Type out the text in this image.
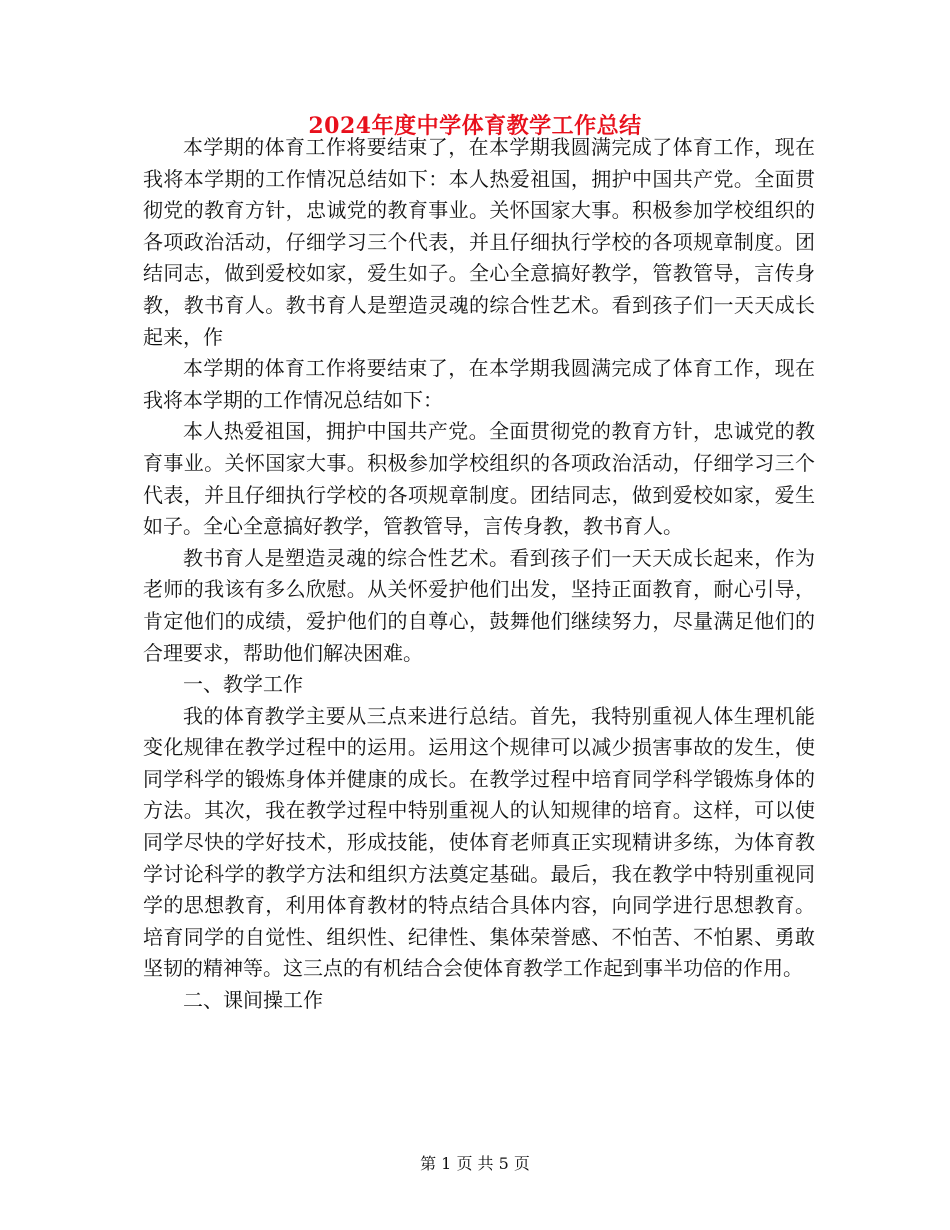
2024年度中学体育教学工作总结

本学期的体育工作将要结束了，在本学期我圆满完成了体育工作，现在我将本学期的工作情况总结如下：本人热爱祖国，拥护中国共产党。全面贯彻党的教育方针，忠诚党的教育事业。关怀国家大事。积极参加学校组织的各项政治活动，仔细学习三个代表，并且仔细执行学校的各项规章制度。团结同志，做到爱校如家，爱生如子。全心全意搞好教学，管教管导，言传身教，教书育人。教书育人是塑造灵魂的综合性艺术。看到孩子们一天天成长起来，作

本学期的体育工作将要结束了，在本学期我圆满完成了体育工作，现在我将本学期的工作情况总结如下：

本人热爱祖国，拥护中国共产党。全面贯彻党的教育方针，忠诚党的教育事业。关怀国家大事。积极参加学校组织的各项政治活动，仔细学习三个代表，并且仔细执行学校的各项规章制度。团结同志，做到爱校如家，爱生如子。全心全意搞好教学，管教管导，言传身教，教书育人。

教书育人是塑造灵魂的综合性艺术。看到孩子们一天天成长起来，作为老师的我该有多么欣慰。从关怀爱护他们出发，坚持正面教育，耐心引导，肯定他们的成绩，爱护他们的自尊心，鼓舞他们继续努力，尽量满足他们的合理要求，帮助他们解决困难。

一、教学工作

我的体育教学主要从三点来进行总结。首先，我特别重视人体生理机能变化规律在教学过程中的运用。运用这个规律可以减少损害事故的发生，使同学科学的锻炼身体并健康的成长。在教学过程中培育同学科学锻炼身体的方法。其次，我在教学过程中特别重视人的认知规律的培育。这样，可以使同学尽快的学好技术，形成技能，使体育老师真正实现精讲多练，为体育教学讨论科学的教学方法和组织方法奠定基础。最后，我在教学中特别重视同学的思想教育，利用体育教材的特点结合具体内容，向同学进行思想教育。培育同学的自觉性、组织性、纪律性、集体荣誉感、不怕苦、不怕累、勇敢坚韧的精神等。这三点的有机结合会使体育教学工作起到事半功倍的作用。

二、课间操工作

第 1 页 共 5 页
